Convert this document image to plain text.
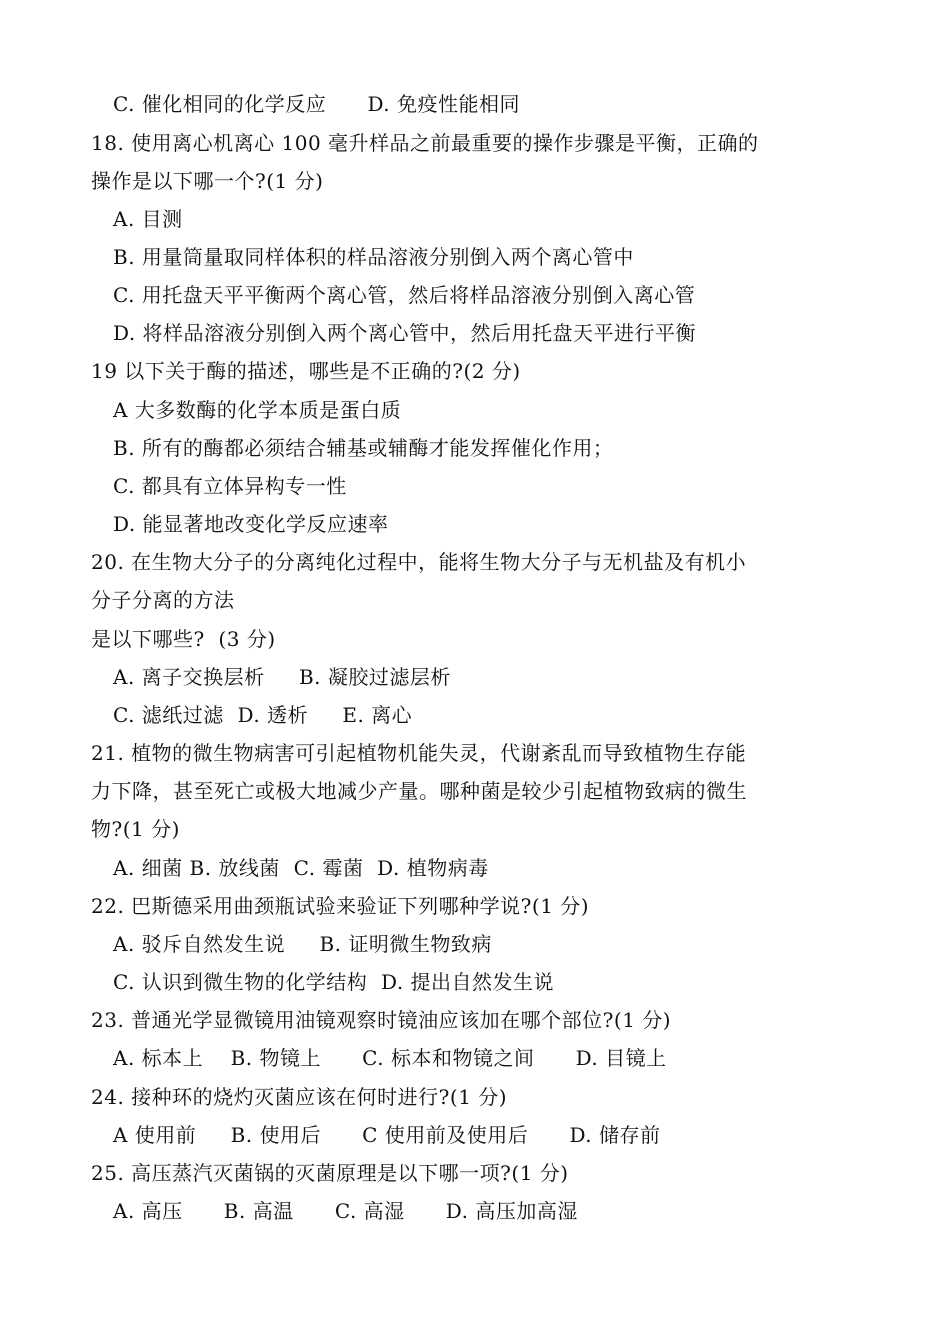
C. 催化相同的化学反应      D. 免疫性能相同
18. 使用离心机离心 100 毫升样品之前最重要的操作步骤是平衡，正确的
操作是以下哪一个?(1 分)
A. 目测
B. 用量筒量取同样体积的样品溶液分别倒入两个离心管中
C. 用托盘天平平衡两个离心管，然后将样品溶液分别倒入离心管
D. 将样品溶液分别倒入两个离心管中，然后用托盘天平进行平衡
19 以下关于酶的描述，哪些是不正确的?(2 分)
A 大多数酶的化学本质是蛋白质
B. 所有的酶都必须结合辅基或辅酶才能发挥催化作用；
C. 都具有立体异构专一性
D. 能显著地改变化学反应速率
20. 在生物大分子的分离纯化过程中，能将生物大分子与无机盐及有机小
分子分离的方法
是以下哪些?  (3 分)
A. 离子交换层析     B. 凝胶过滤层析
C. 滤纸过滤  D. 透析     E. 离心
21. 植物的微生物病害可引起植物机能失灵，代谢紊乱而导致植物生存能
力下降，甚至死亡或极大地减少产量。哪种菌是较少引起植物致病的微生
物?(1 分)
A. 细菌 B. 放线菌  C. 霉菌  D. 植物病毒
22. 巴斯德采用曲颈瓶试验来验证下列哪种学说?(1 分)
A. 驳斥自然发生说     B. 证明微生物致病
C. 认识到微生物的化学结构  D. 提出自然发生说
23. 普通光学显微镜用油镜观察时镜油应该加在哪个部位?(1 分)
A. 标本上    B. 物镜上      C. 标本和物镜之间      D. 目镜上
24. 接种环的烧灼灭菌应该在何时进行?(1 分)
A 使用前     B. 使用后      C 使用前及使用后      D. 储存前
25. 高压蒸汽灭菌锅的灭菌原理是以下哪一项?(1 分)
A. 高压      B. 高温      C. 高湿      D. 高压加高湿
